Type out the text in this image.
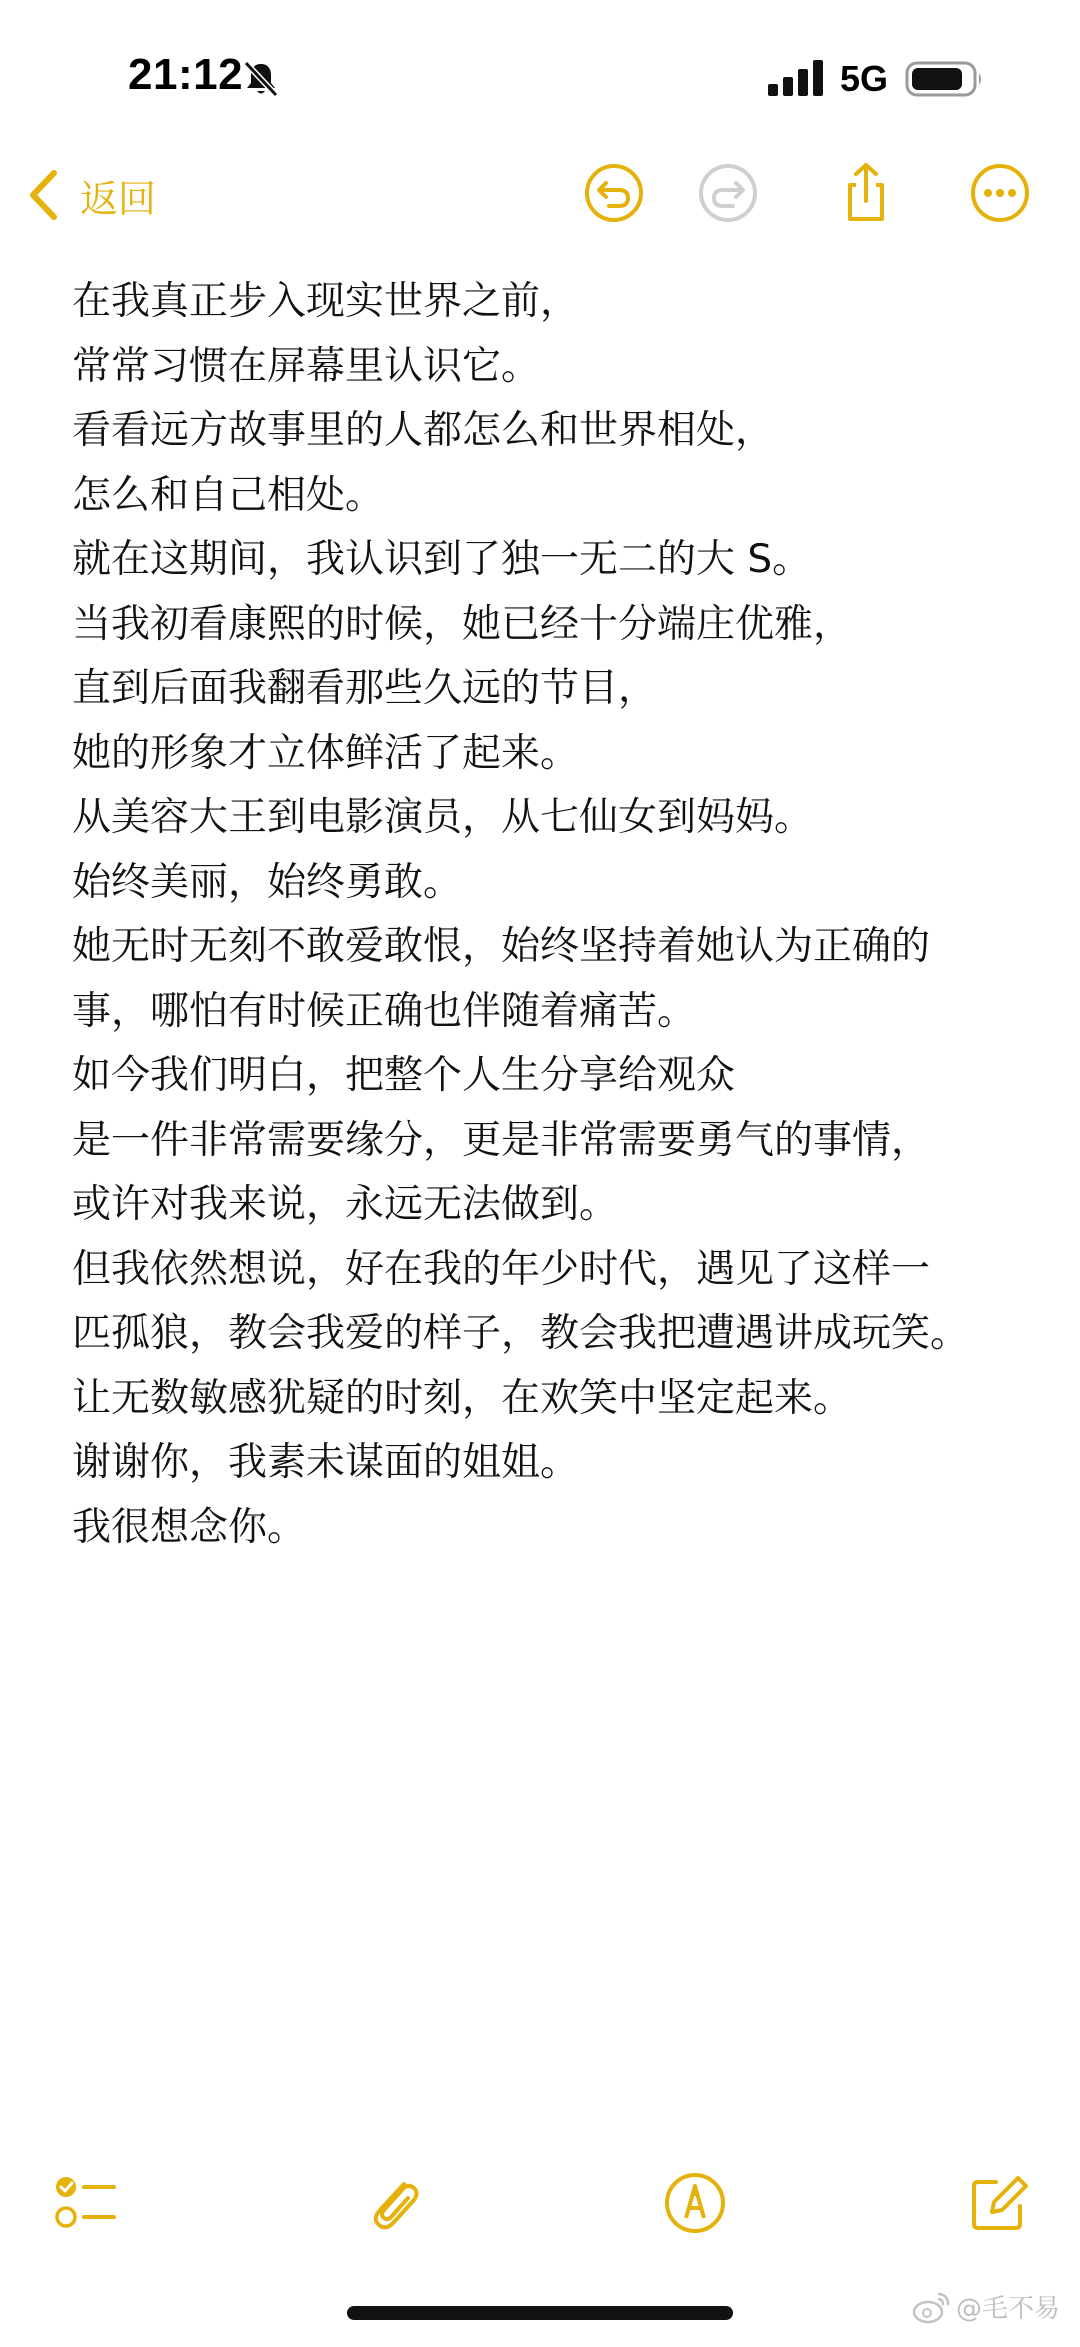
21:12	5G
返回
在我真正步入现实世界之前，
常常习惯在屏幕里认识它。
看看远方故事里的人都怎么和世界相处，
怎么和自己相处。
就在这期间，我认识到了独一无二的大 S。
当我初看康熙的时候，她已经十分端庄优雅，
直到后面我翻看那些久远的节目，
她的形象才立体鲜活了起来。
从美容大王到电影演员，从七仙女到妈妈。
始终美丽，始终勇敢。
她无时无刻不敢爱敢恨，始终坚持着她认为正确的
事，哪怕有时候正确也伴随着痛苦。
如今我们明白，把整个人生分享给观众
是一件非常需要缘分，更是非常需要勇气的事情，
或许对我来说，永远无法做到。
但我依然想说，好在我的年少时代，遇见了这样一
匹孤狼，教会我爱的样子，教会我把遭遇讲成玩笑。
让无数敏感犹疑的时刻，在欢笑中坚定起来。
谢谢你，我素未谋面的姐姐。
我很想念你。
@毛不易
